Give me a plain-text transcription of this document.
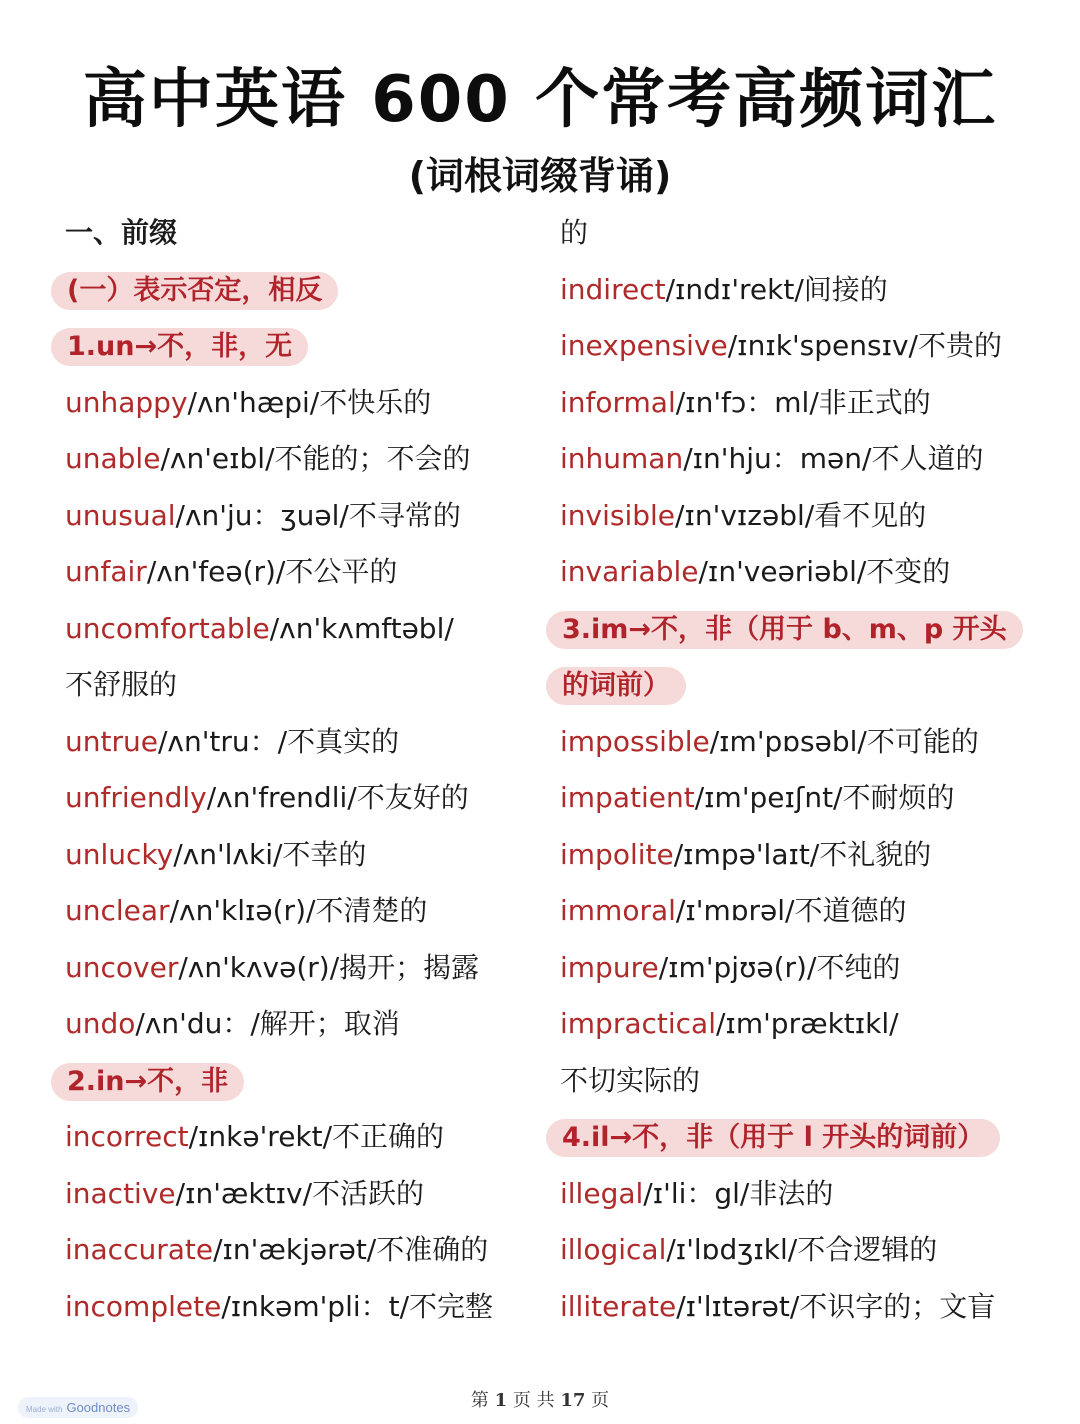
高中英语 600 个常考高频词汇
(词根词缀背诵)
一、前缀
(一）表示否定，相反
1.un→不，非，无
unhappy/ʌn'hæpi/不快乐的
unable/ʌn'eɪbl/不能的；不会的
unusual/ʌn'ju：ʒuəl/不寻常的
unfair/ʌn'feə(r)/不公平的
uncomfortable/ʌn'kʌmftəbl/
不舒服的
untrue/ʌn'tru：/不真实的
unfriendly/ʌn'frendli/不友好的
unlucky/ʌn'lʌki/不幸的
unclear/ʌn'klɪə(r)/不清楚的
uncover/ʌn'kʌvə(r)/揭开；揭露
undo/ʌn'du：/解开；取消
2.in→不，非
incorrect/ɪnkə'rekt/不正确的
inactive/ɪn'æktɪv/不活跃的
inaccurate/ɪn'ækjərət/不准确的
incomplete/ɪnkəm'pli：t/不完整
的
indirect/ɪndɪ'rekt/间接的
inexpensive/ɪnɪk'spensɪv/不贵的
informal/ɪn'fɔ：ml/非正式的
inhuman/ɪn'hju：mən/不人道的
invisible/ɪn'vɪzəbl/看不见的
invariable/ɪn'veəriəbl/不变的
3.im→不，非（用于 b、m、p 开头
的词前）
impossible/ɪm'pɒsəbl/不可能的
impatient/ɪm'peɪʃnt/不耐烦的
impolite/ɪmpə'laɪt/不礼貌的
immoral/ɪ'mɒrəl/不道德的
impure/ɪm'pjʊə(r)/不纯的
impractical/ɪm'præktɪkl/
不切实际的
4.il→不，非（用于 l 开头的词前）
illegal/ɪ'li：gl/非法的
illogical/ɪ'lɒdʒɪkl/不合逻辑的
illiterate/ɪ'lɪtərət/不识字的；文盲
第 1 页 共 17 页
Made with Goodnotes
